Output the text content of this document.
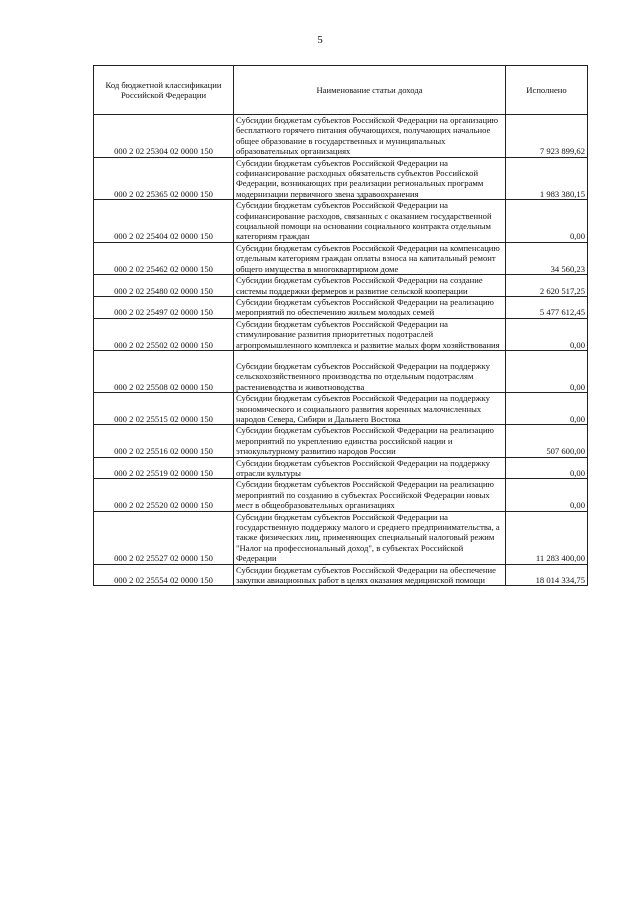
5
Код бюджетной классификации Российской Федерации	Наименование статьи дохода	Исполнено
000 2 02 25304 02 0000 150	Субсидии бюджетам субъектов Российской Федерации на организацию бесплатного горячего питания обучающихся, получающих начальное общее образование в государственных и муниципальных образовательных организациях	7 923 899,62
000 2 02 25365 02 0000 150	Субсидии бюджетам субъектов Российской Федерации на софинансирование расходных обязательств субъектов Российской Федерации, возникающих при реализации региональных программ модернизации первичного звена здравоохранения	1 983 380,15
000 2 02 25404 02 0000 150	Субсидии бюджетам субъектов Российской Федерации на софинансирование расходов, связанных с оказанием государственной социальной помощи на основании социального контракта отдельным категориям граждан	0,00
000 2 02 25462 02 0000 150	Субсидии бюджетам субъектов Российской Федерации на компенсацию отдельным категориям граждан оплаты взноса на капитальный ремонт общего имущества в многоквартирном доме	34 560,23
000 2 02 25480 02 0000 150	Субсидии бюджетам субъектов Российской Федерации на создание системы поддержки фермеров и развитие сельской кооперации	2 620 517,25
000 2 02 25497 02 0000 150	Субсидии бюджетам субъектов Российской Федерации на реализацию мероприятий по обеспечению жильем молодых семей	5 477 612,45
000 2 02 25502 02 0000 150	Субсидии бюджетам субъектов Российской Федерации на стимулирование развития приоритетных подотраслей агропромышленного комплекса и развитие малых форм хозяйствования	0,00
000 2 02 25508 02 0000 150	Субсидии бюджетам субъектов Российской Федерации на поддержку сельскохозяйственного производства по отдельным подотраслям растениеводства и животноводства	0,00
000 2 02 25515 02 0000 150	Субсидии бюджетам субъектов Российской Федерации на поддержку экономического и социального развития коренных малочисленных народов Севера, Сибири и Дальнего Востока	0,00
000 2 02 25516 02 0000 150	Субсидии бюджетам субъектов Российской Федерации на реализацию мероприятий по укреплению единства российской нации и этнокультурному развитию народов России	507 600,00
000 2 02 25519 02 0000 150	Субсидии бюджетам субъектов Российской Федерации на поддержку отрасли культуры	0,00
000 2 02 25520 02 0000 150	Субсидии бюджетам субъектов Российской Федерации на реализацию мероприятий по созданию в субъектах Российской Федерации новых мест в общеобразовательных организациях	0,00
000 2 02 25527 02 0000 150	Субсидии бюджетам субъектов Российской Федерации на государственную поддержку малого и среднего предпринимательства, а также физических лиц, применяющих специальный налоговый режим "Налог на профессиональный доход", в субъектах Российской Федерации	11 283 400,00
000 2 02 25554 02 0000 150	Субсидии бюджетам субъектов Российской Федерации на обеспечение закупки авиационных работ в целях оказания медицинской помощи	18 014 334,75
